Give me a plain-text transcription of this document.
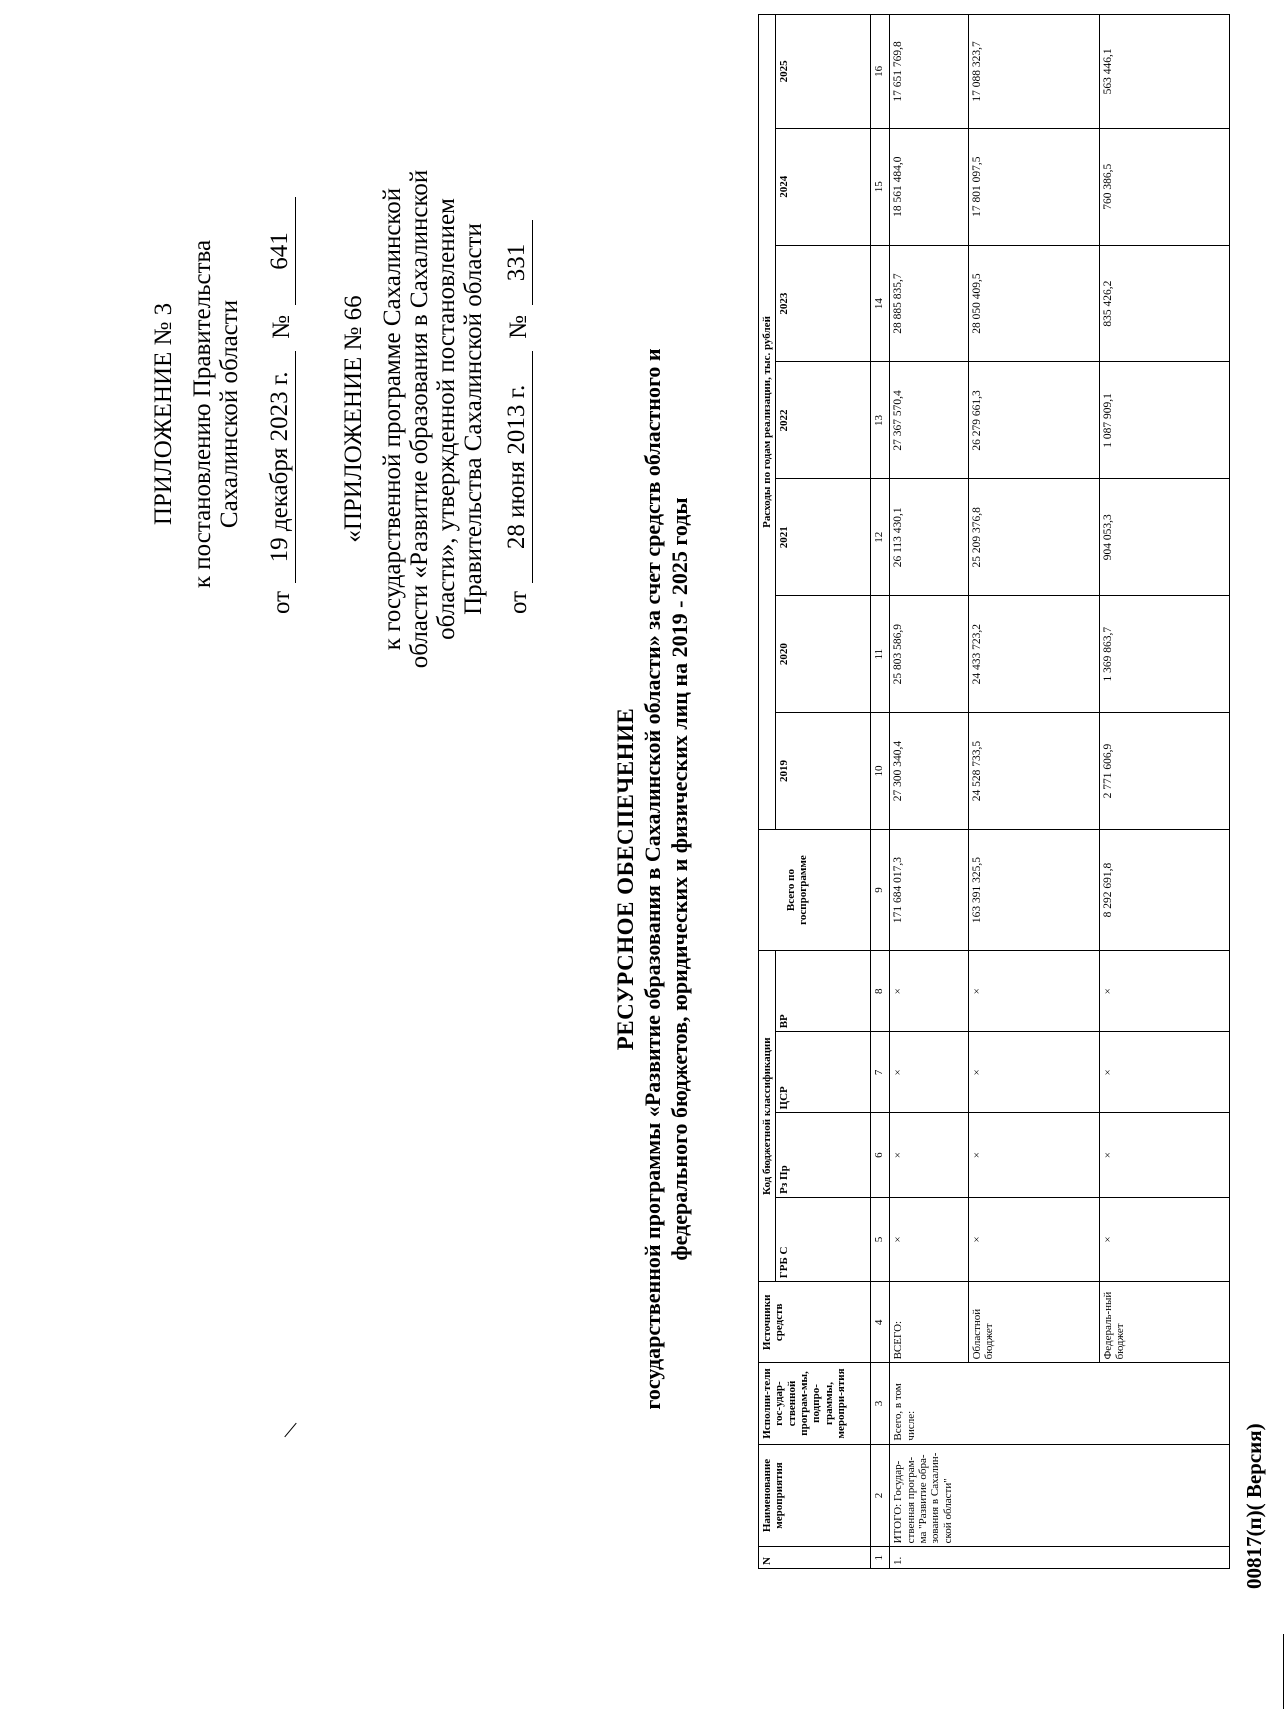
ПРИЛОЖЕНИЕ № 3 к постановлению Правительства Сахалинской области
от
19 декабря 2023 г.
№
641
«ПРИЛОЖЕНИЕ № 66 к государственной программе Сахалинской области «Развитие образования в Сахалинской области», утвержденной постановлением Правительства Сахалинской области от
28 июня 2013 г.
№
331
РЕСУРСНОЕ ОБЕСПЕЧЕНИЕ государственной программы «Развитие образования в Сахалинской области» за счет средств областного и федерального бюджетов, юридических и физических лиц на 2019 - 2025 годы
N	Наименование мероприятия	Исполни-тели гос-удар-ственной програм-мы, подпро-граммы, меропри-ятия	Источники средств	Код бюджетной классификации				Всего по госпрограмме	Расходы по годам реализации, тыс. рублей						
				ГРБ С	Рз Пр	ЦСР	ВР		2019	2020	2021	2022	2023	2024	2025
1	2	3	4	5	6	7	8	9	10	11	12	13	14	15	16
1.	ИТОГО: Государ-ственная програм-ма "Развитие обра-зования в Сахалин-ской области"	Всего, в том числе:	ВСЕГО:	×	×	×	×	171 684 017,3	27 300 340,4	25 803 586,9	26 113 430,1	27 367 570,4	28 885 835,7	18 561 484,0	17 651 769,8
			Областной бюджет	×	×	×	×	163 391 325,5	24 528 733,5	24 433 723,2	25 209 376,8	26 279 661,3	28 050 409,5	17 801 097,5	17 088 323,7
			Федераль-ный бюджет	×	×	×	×	8 292 691,8	2 771 606,9	1 369 863,7	904 053,3	1 087 909,1	835 426,2	760 386,5	563 446,1
00817(п)( Версия)
